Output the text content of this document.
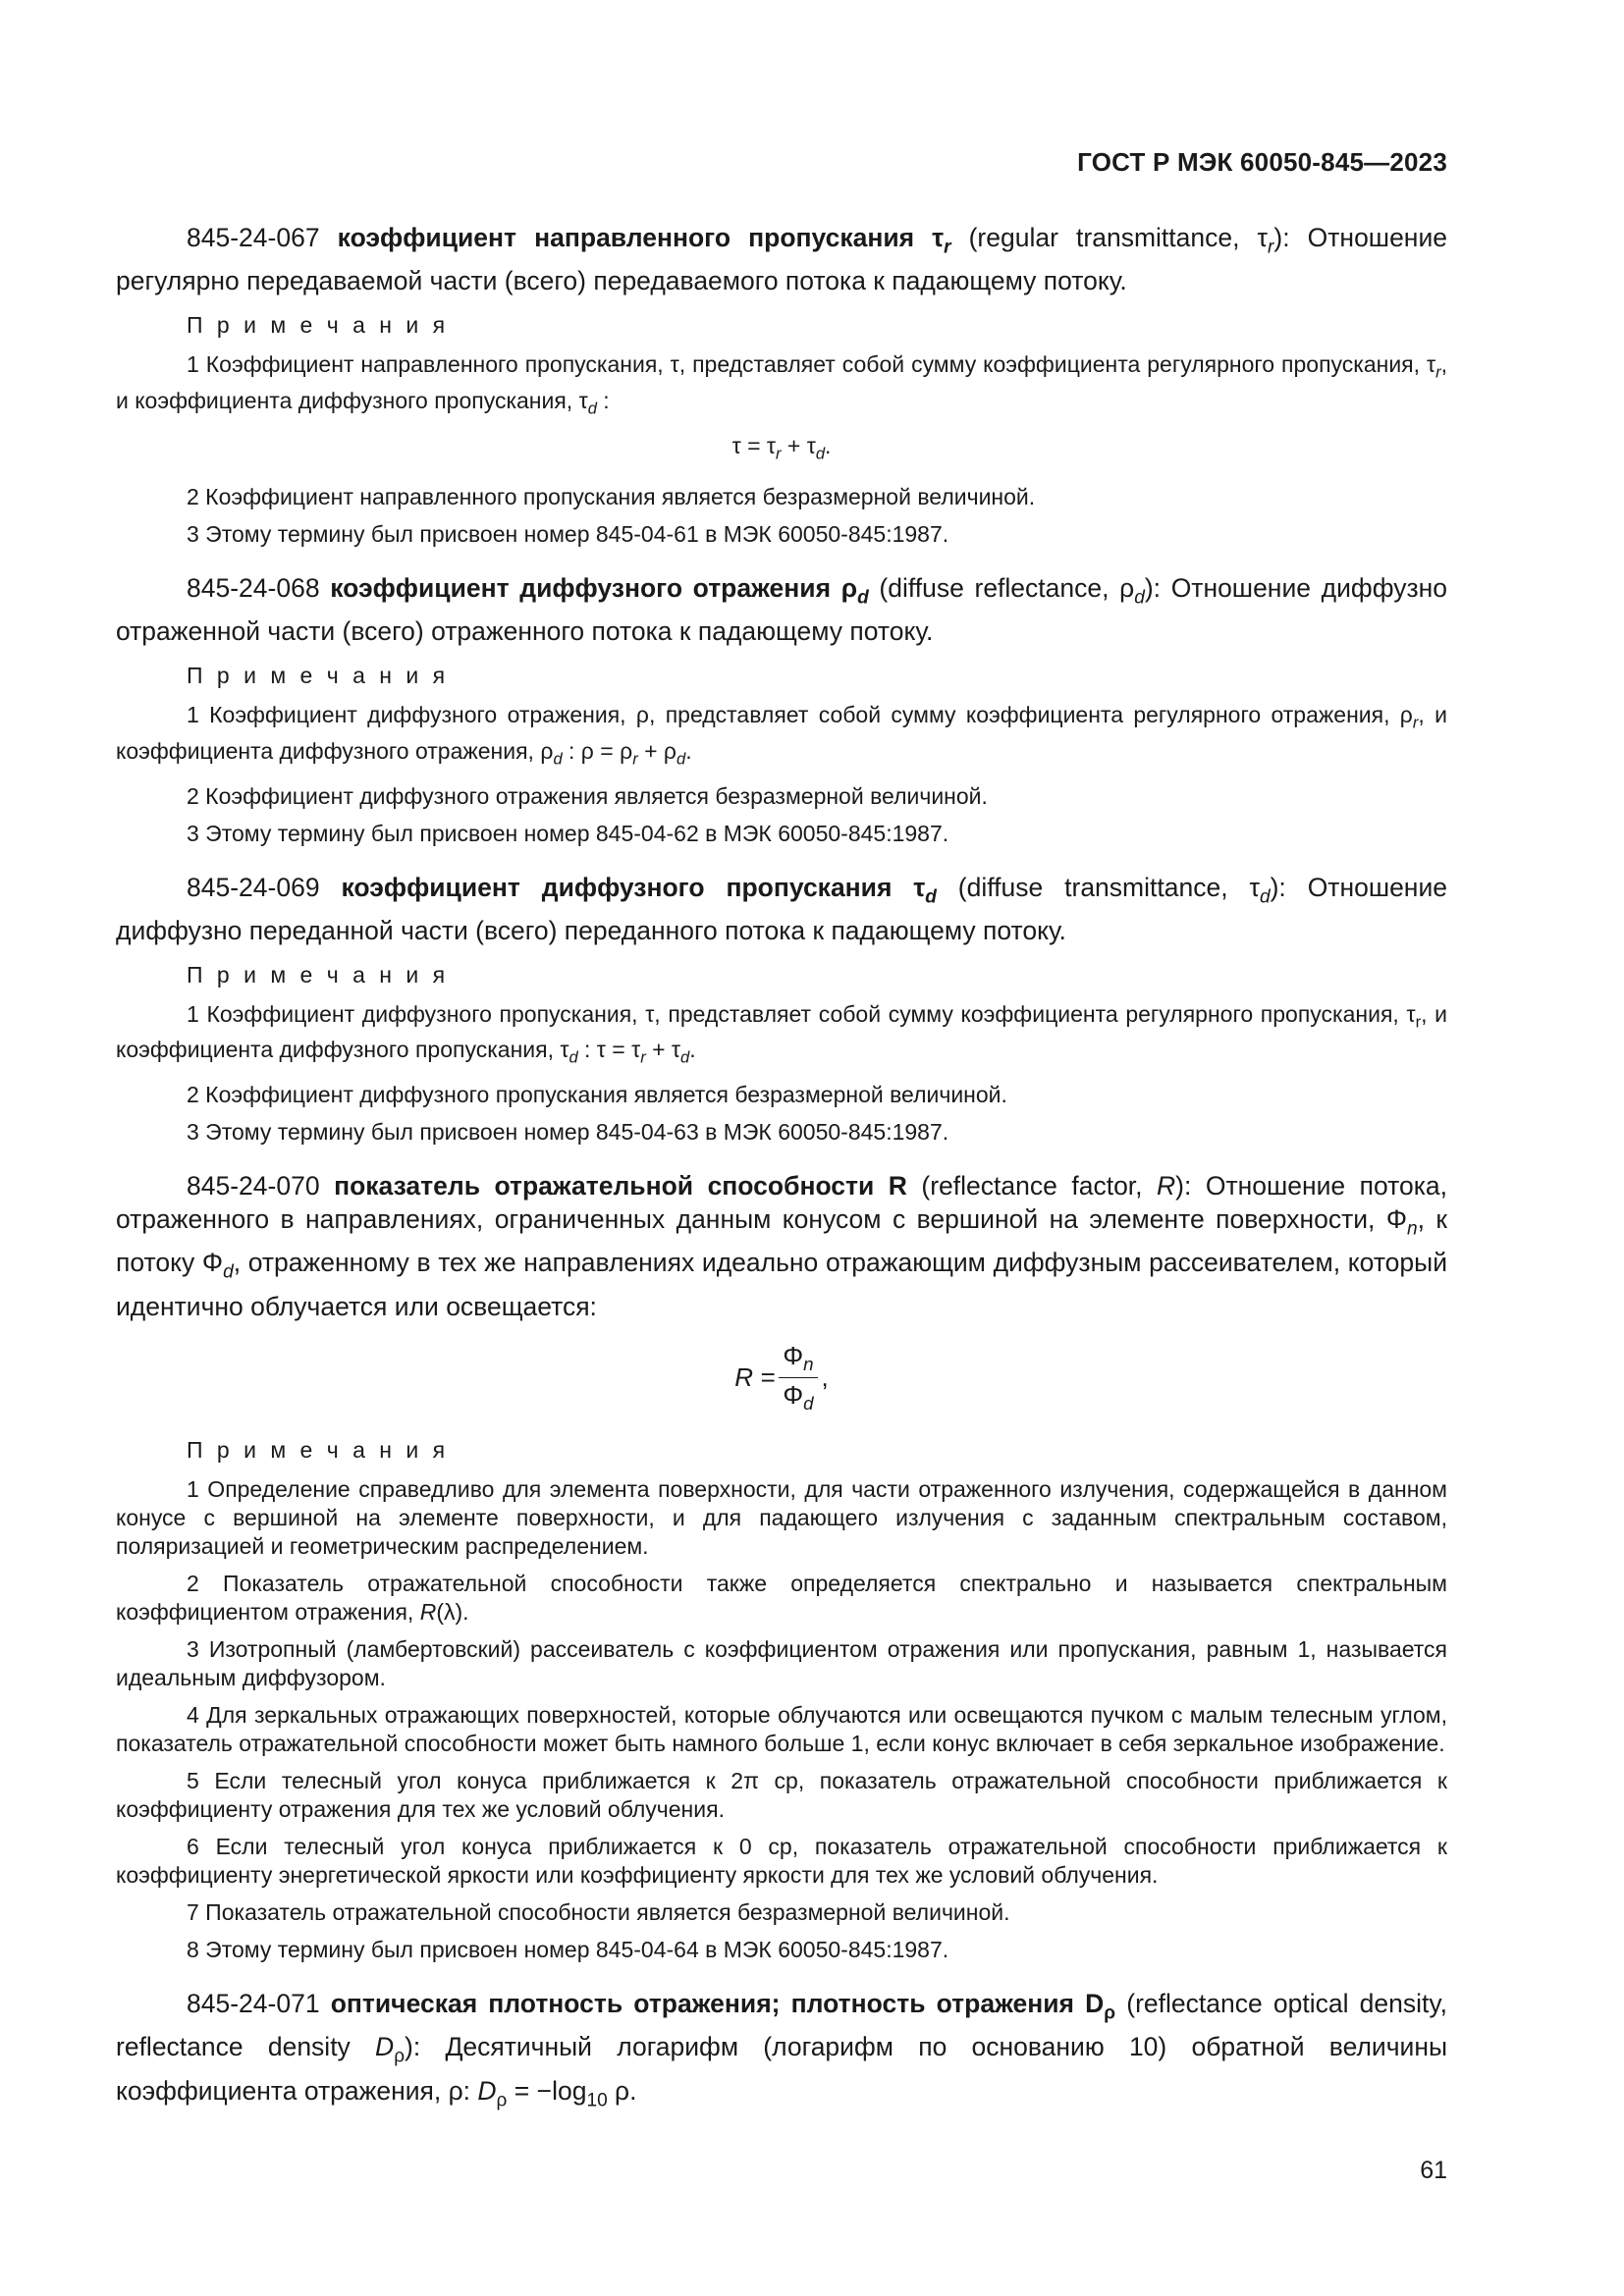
ГОСТ Р МЭК 60050-845—2023

845-24-067 коэффициент направленного пропускания $\tau_r$ (regular transmittance, $\tau_r$): Отношение регулярно передаваемой части (всего) передаваемого потока к падающему потоку.

П р и м е ч а н и я

1 Коэффициент направленного пропускания, τ, представляет собой сумму коэффициента регулярного пропускания, $\tau_r$, и коэффициента диффузного пропускания, $\tau_d$ :

$\tau = \tau_r + \tau_d$.

2 Коэффициент направленного пропускания является безразмерной величиной.

3 Этому термину был присвоен номер 845-04-61 в МЭК 60050-845:1987.

845-24-068 коэффициент диффузного отражения $\rho_d$ (diffuse reflectance, $\rho_d$): Отношение диффузно отраженной части (всего) отраженного потока к падающему потоку.

П р и м е ч а н и я

1 Коэффициент диффузного отражения, ρ, представляет собой сумму коэффициента регулярного отражения, $\rho_r$, и коэффициента диффузного отражения, $\rho_d$ : $\rho = \rho_r + \rho_d$.

2 Коэффициент диффузного отражения является безразмерной величиной.

3 Этому термину был присвоен номер 845-04-62 в МЭК 60050-845:1987.

845-24-069 коэффициент диффузного пропускания $\tau_d$ (diffuse transmittance, $\tau_d$): Отношение диффузно переданной части (всего) переданного потока к падающему потоку.

П р и м е ч а н и я

1 Коэффициент диффузного пропускания, τ, представляет собой сумму коэффициента регулярного пропускания, $\tau_r$, и коэффициента диффузного пропускания, $\tau_d$ : $\tau = \tau_r + \tau_d$.

2 Коэффициент диффузного пропускания является безразмерной величиной.

3 Этому термину был присвоен номер 845-04-63 в МЭК 60050-845:1987.

845-24-070 показатель отражательной способности R (reflectance factor, R): Отношение потока, отраженного в направлениях, ограниченных данным конусом с вершиной на элементе поверхности, $\Phi_n$, к потоку $\Phi_d$, отраженному в тех же направлениях идеально отражающим диффузным рассеивателем, который идентично облучается или освещается:

$R = \frac{\Phi_n}{\Phi_d}$ ,
П р и м е ч а н и я

1 Определение справедливо для элемента поверхности, для части отраженного излучения, содержащейся в данном конусе с вершиной на элементе поверхности, и для падающего излучения с заданным спектральным составом, поляризацией и геометрическим распределением.

2 Показатель отражательной способности также определяется спектрально и называется спектральным коэффициентом отражения, R(λ).

3 Изотропный (ламбертовский) рассеиватель с коэффициентом отражения или пропускания, равным 1, называется идеальным диффузором.

4 Для зеркальных отражающих поверхностей, которые облучаются или освещаются пучком с малым телесным углом, показатель отражательной способности может быть намного больше 1, если конус включает в себя зеркальное изображение.

5 Если телесный угол конуса приближается к 2π ср, показатель отражательной способности приближается к коэффициенту отражения для тех же условий облучения.

6 Если телесный угол конуса приближается к 0 ср, показатель отражательной способности приближается к коэффициенту энергетической яркости или коэффициенту яркости для тех же условий облучения.

7 Показатель отражательной способности является безразмерной величиной.

8 Этому термину был присвоен номер 845-04-64 в МЭК 60050-845:1987.

845-24-071 оптическая плотность отражения; плотность отражения $D_\rho$ (reflectance optical density, reflectance density $D_\rho$): Десятичный логарифм (логарифм по основанию 10) обратной величины коэффициента отражения, ρ: $D_\rho = -\log_{10}$ ρ.

61
